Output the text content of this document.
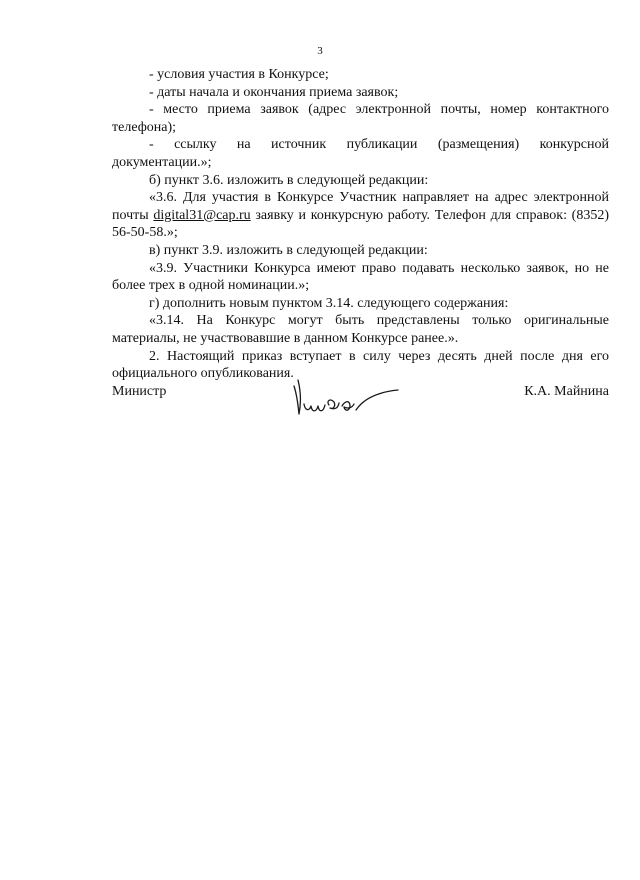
3

- условия участия в Конкурсе;

- даты начала и окончания приема заявок;

- место приема заявок (адрес электронной почты, номер контактного телефона);

- ссылку на источник публикации (размещения) конкурсной документации.»;

б) пункт 3.6. изложить в следующей редакции:

«3.6. Для участия в Конкурсе Участник направляет на адрес электронной почты digital31@cap.ru заявку и конкурсную работу. Телефон для справок: (8352) 56-50-58.»;

в) пункт 3.9. изложить в следующей редакции:

«3.9. Участники Конкурса имеют право подавать несколько заявок, но не более трех в одной номинации.»;

г) дополнить новым пунктом 3.14. следующего содержания:

«3.14. На Конкурс могут быть представлены только оригинальные материалы, не участвовавшие в данном Конкурсе ранее.».

2. Настоящий приказ вступает в силу через десять дней после дня его официального опубликования.

Министр	К.А. Майнина
